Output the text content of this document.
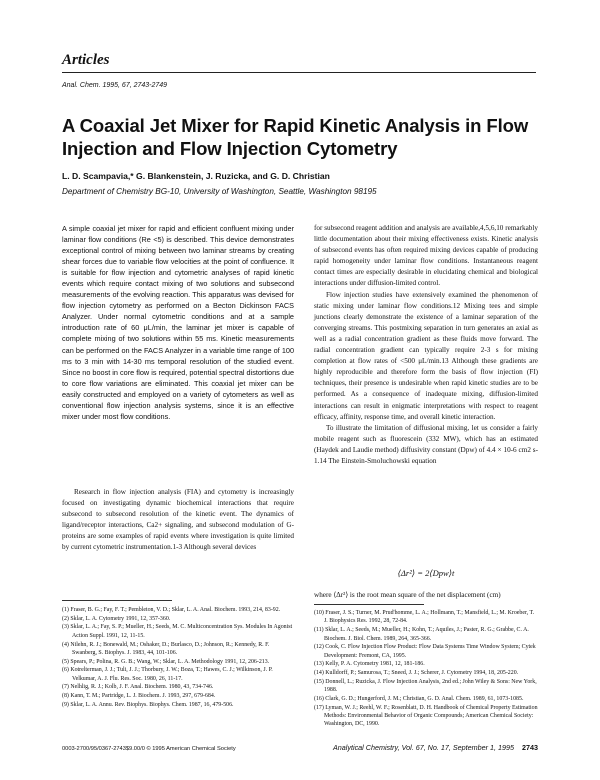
Articles
Anal. Chem. 1995, 67, 2743-2749
A Coaxial Jet Mixer for Rapid Kinetic Analysis in Flow Injection and Flow Injection Cytometry
L. D. Scampavia,* G. Blankenstein, J. Ruzicka, and G. D. Christian
Department of Chemistry BG-10, University of Washington, Seattle, Washington 98195

A simple coaxial jet mixer for rapid and efficient confluent mixing under laminar flow conditions (Re <5) is described. This device demonstrates exceptional control of mixing between two laminar streams by creating shear forces due to variable flow velocities at the point of confluence. It is suitable for flow injection and cytometric analyses of rapid kinetic events which require contact mixing of two solutions and subsecond measurements of the evolving reaction. This apparatus was devised for flow injection cytometry as performed on a Becton Dickinson FACS Analyzer. Under normal cytometric conditions and at a sample introduction rate of 60 μL/min, the laminar jet mixer is capable of complete mixing of two solutions within 55 ms. Kinetic measurements can be performed on the FACS Analyzer in a variable time range of 100 ms to 3 min with 14-30 ms temporal resolution of the studied event. Since no boost in core flow is required, potential spectral distortions due to core flow variations are eliminated. This coaxial jet mixer can be easily constructed and employed on a variety of cytometers as well as conventional flow injection analysis systems, since it is an effective mixer under most flow conditions.

Research in flow injection analysis (FIA) and cytometry is increasingly focused on investigating dynamic biochemical interactions that require subsecond to subsecond resolution of the kinetic event. The dynamics of ligand/receptor interactions, Ca2+ signaling, and subsecond modulation of G-proteins are some examples of rapid events where investigation is quite limited by current cytometric instrumentation.1-3 Although several devices

for subsecond reagent addition and analysis are available,4,5,6,10 remarkably little documentation about their mixing effectiveness exists. Kinetic analysis of subsecond events has often required mixing devices capable of producing rapid homogeneity under laminar flow conditions. Instantaneous reagent contact times are especially desirable in elucidating chemical and biological interactions under diffusion-limited control.

Flow injection studies have extensively examined the phenomenon of static mixing under laminar flow conditions.12 Mixing tees and simple junctions clearly demonstrate the existence of a laminar separation of the converging streams. This postmixing separation in turn generates an axial as well as a radial concentration gradient as these fluids move forward. The radial concentration gradient can typically require 2-3 s for mixing completion at flow rates of <500 μL/min.13 Although these gradients are highly reproducible and therefore form the basis of flow injection (FI) techniques, their presence is undesirable when rapid kinetic studies are to be performed. As a consequence of inadequate mixing, diffusion-limited interactions can result in enigmatic interpretations with respect to reagent efficacy, affinity, response time, and overall kinetic interaction.

To illustrate the limitation of diffusional mixing, let us consider a fairly mobile reagent such as fluorescein (332 MW), which has an estimated (Haydek and Laudie method) diffusivity constant (Dpw) of 4.4 × 10-6 cm2 s-1.14 The Einstein-Smoluchowski equation

⟨Δr²⟩ = 2⟨Dpw⟩t
where ⟨Δr²⟩ is the root mean square of the net displacement (cm)

(1) Fraser, B. G.; Fay, F. T.; Pembleton, V. D.; Sklar, L. A. Anal. Biochem. 1993, 214, 83-92.

(2) Sklar, L. A. Cytometry 1991, 12, 357-360.

(3) Sklar, L. A.; Fay, S. P.; Mueller, H.; Seeds, M. C. Multiconcentration Sys. Modules In Agonist Action Suppl. 1991, 12, 11-15.

(4) Nilehn, R. J.; Bonewald, M.; Oshaker, D.; Burlasco, D.; Johnson, R.; Kennedy, R. F. Swanberg, S. Biophys. J. 1983, 44, 101-106.

(5) Spears, P.; Polina, R. G. B.; Wang, W.; Sklar, L. A. Methodology 1991, 12, 206-213.

(6) Kotrelterman, J. J.; Tuli, J. J.; Thorbury, J. W.; Boza, T.; Hawes, C. J.; Wilkinson, J. P. Velkumar, A. J. Flu. Res. Soc. 1980, 26, 11-17.

(7) Nelhlig, R. J.; Kolb, J. F. Anal. Biochem. 1980, 43, 734-746.

(8) Kann, T. M.; Partridge, L. J. Biochem. J. 1993, 297, 679-684.

(9) Sklar, L. A. Annu. Rev. Biophys. Biophys. Chem. 1987, 16, 479-506.

(10) Fraser, J. S.; Turner, M. Prud'homme, L. A.; Hollmann, T.; Mansfield, L.; M. Kroeber, T. J. Biophysics Res. 1992, 28, 72-84.

(11) Sklar, L. A.; Seeds, M.; Mueller, H.; Kohn, T.; Aquiles, J.; Paster, R. G.; Grabbe, C. A. Biochem. J. Biol. Chem. 1989, 264, 365-366.

(12) Cook, C. Flow Injection Flow Product: Flow Data Systems Time Window System; Cytek Development: Fremont, CA, 1995.

(13) Kelly, P. A. Cytometry 1981, 12, 181-186.

(14) Kulldorff, P.; Samurosa, T.; Sneed, J. J.; Scherer, J. Cytometry 1994, 18, 205-220.

(15) Donnell, L.; Ruzicka, J. Flow Injection Analysis, 2nd ed.; John Wiley & Sons: New York, 1988.

(16) Clark, G. D.; Hungerford, J. M.; Christian, G. D. Anal. Chem. 1989, 61, 1073-1085.

(17) Lyman, W. J.; Reehl, W. F.; Rosenblatt, D. H. Handbook of Chemical Property Estimation Methods: Environmental Behavior of Organic Compounds; American Chemical Society: Washington, DC, 1990.

0003-2700/95/0367-2743$9.00/0 © 1995 American Chemical Society	Analytical Chemistry, Vol. 67, No. 17, September 1, 1995 2743
